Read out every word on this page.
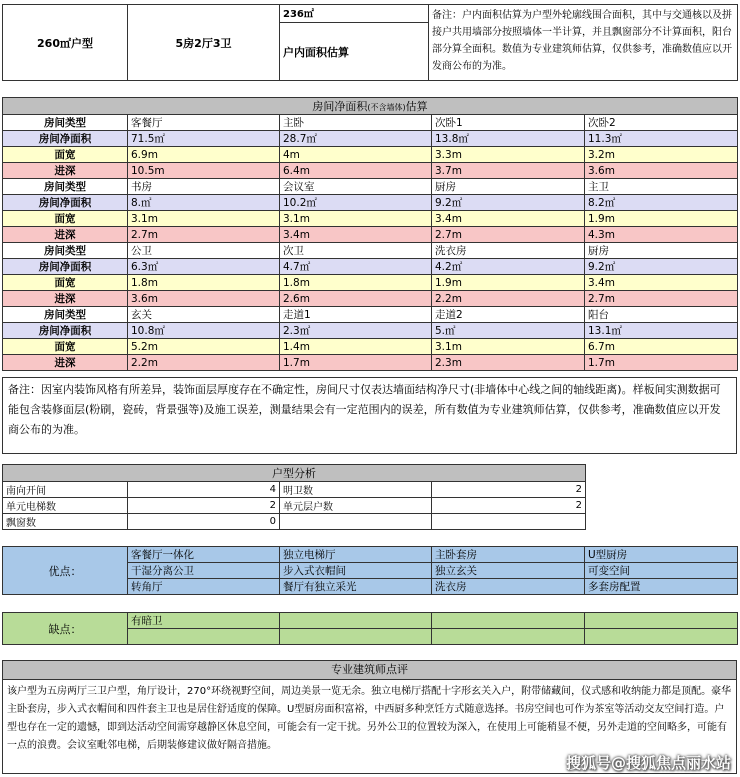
260㎡户型	5房2厅3卫	236㎡	备注：户内面积估算为户型外轮廓线围合面积，其中与交通核以及拼接户共用墙部分按照墙体一半计算，并且飘窗部分不计算面积，阳台部分算全面积。数值为专业建筑师估算，仅供参考，准确数值应以开发商公布的为准。
户内面积估算
房间净面积(不含墙体)估算				
房间类型	客餐厅	主卧	次卧1	次卧2
房间净面积	71.5㎡	28.7㎡	13.8㎡	11.3㎡
面宽	6.9m	4m	3.3m	3.2m
进深	10.5m	6.4m	3.7m	3.6m
房间类型	书房	会议室	厨房	主卫
房间净面积	8.㎡	10.2㎡	9.2㎡	8.2㎡
面宽	3.1m	3.1m	3.4m	1.9m
进深	2.7m	3.4m	2.7m	4.3m
房间类型	公卫	次卫	洗衣房	厨房
房间净面积	6.3㎡	4.7㎡	4.2㎡	9.2㎡
面宽	1.8m	1.8m	1.9m	3.4m
进深	3.6m	2.6m	2.2m	2.7m
房间类型	玄关	走道1	走道2	阳台
房间净面积	10.8㎡	2.3㎡	5.㎡	13.1㎡
面宽	5.2m	1.4m	3.1m	6.7m
进深	2.2m	1.7m	2.3m	1.7m
备注：因室内装饰风格有所差异，装饰面层厚度存在不确定性，房间尺寸仅表达墙面结构净尺寸(非墙体中心线之间的轴线距离)。样板间实测数据可能包含装修面层(粉刷，瓷砖，背景强等)及施工误差，测量结果会有一定范围内的误差，所有数值为专业建筑师估算，仅供参考，准确数值应以开发商公布的为准。
户型分析			
南向开间	4	明卫数	2
单元电梯数	2	单元层户数	2
飘窗数	0		
优点：	客餐厅一体化	独立电梯厅	主卧套房	U型厨房
	干湿分离公卫	步入式衣帽间	独立玄关	可变空间
	转角厅	餐厅有独立采光	洗衣房	多套房配置
缺点：	有暗卫			

专业建筑师点评
该户型为五房两厅三卫户型，角厅设计，270°环绕视野空间，周边美景一览无余。独立电梯厅搭配十字形玄关入户，附带储藏间，仪式感和收纳能力都是顶配。豪华主卧套房，步入式衣帽间和四件套主卫也是居住舒适度的保障。U型厨房面积富裕，中西厨多种烹饪方式随意选择。书房空间也可作为茶室等活动交友空间打造。户型也存在一定的遗憾，即到达活动空间需穿越静区休息空间，可能会有一定干扰。另外公卫的位置较为深入，在使用上可能稍显不便，另外走道的空间略多，可能有一点的浪费。会议室毗邻电梯，后期装修建议做好隔音措施。
搜狐号@搜狐焦点丽水站
